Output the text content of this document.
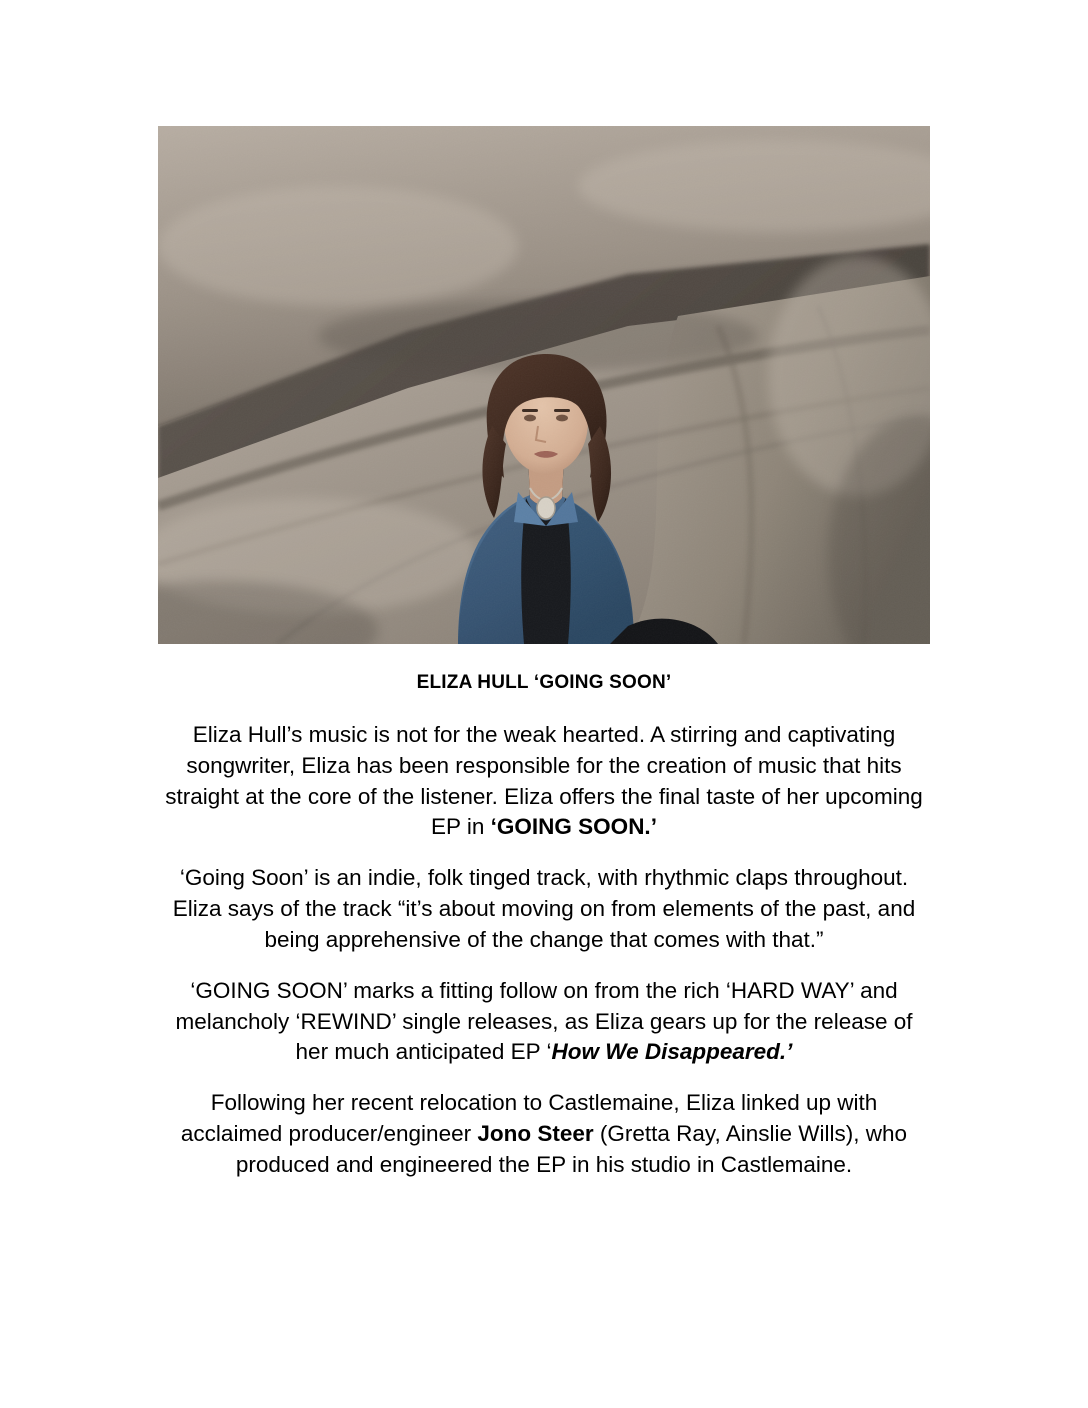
ELIZA HULL ‘GOING SOON’

Eliza Hull’s music is not for the weak hearted. A stirring and captivating songwriter, Eliza has been responsible for the creation of music that hits straight at the core of the listener. Eliza offers the final taste of her upcoming EP in ‘GOING SOON.’

‘Going Soon’ is an indie, folk tinged track, with rhythmic claps throughout. Eliza says of the track “it’s about moving on from elements of the past, and being apprehensive of the change that comes with that.”

‘GOING SOON’ marks a fitting follow on from the rich ‘HARD WAY’ and melancholy ‘REWIND’ single releases, as Eliza gears up for the release of her much anticipated EP ‘How We Disappeared.’

Following her recent relocation to Castlemaine, Eliza linked up with acclaimed producer/engineer Jono Steer (Gretta Ray, Ainslie Wills), who produced and engineered the EP in his studio in Castlemaine.
